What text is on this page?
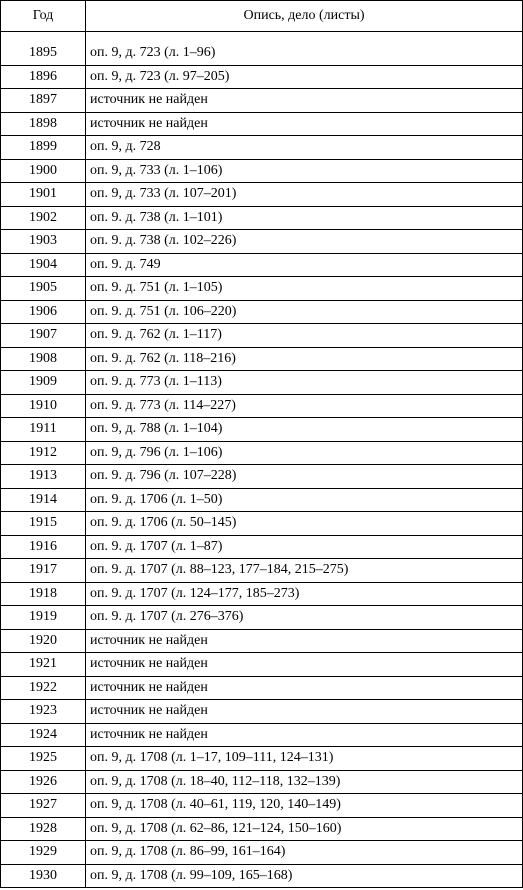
Год	Опись, дело (листы)

1895	оп. 9, д. 723 (л. 1–96)
1896	оп. 9, д. 723 (л. 97–205)
1897	источник не найден
1898	источник не найден
1899	оп. 9, д. 728
1900	оп. 9, д. 733 (л. 1–106)
1901	оп. 9, д. 733 (л. 107–201)
1902	оп. 9. д. 738 (л. 1–101)
1903	оп. 9. д. 738 (л. 102–226)
1904	оп. 9. д. 749
1905	оп. 9. д. 751 (л. 1–105)
1906	оп. 9. д. 751 (л. 106–220)
1907	оп. 9. д. 762 (л. 1–117)
1908	оп. 9. д. 762 (л. 118–216)
1909	оп. 9. д. 773 (л. 1–113)
1910	оп. 9. д. 773 (л. 114–227)
1911	оп. 9, д. 788 (л. 1–104)
1912	оп. 9, д. 796 (л. 1–106)
1913	оп. 9. д. 796 (л. 107–228)
1914	оп. 9. д. 1706 (л. 1–50)
1915	оп. 9. д. 1706 (л. 50–145)
1916	оп. 9. д. 1707 (л. 1–87)
1917	оп. 9. д. 1707 (л. 88–123, 177–184, 215–275)
1918	оп. 9. д. 1707 (л. 124–177, 185–273)
1919	оп. 9. д. 1707 (л. 276–376)
1920	источник не найден
1921	источник не найден
1922	источник не найден
1923	источник не найден
1924	источник не найден
1925	оп. 9, д. 1708 (л. 1–17, 109–111, 124–131)
1926	оп. 9, д. 1708 (л. 18–40, 112–118, 132–139)
1927	оп. 9, д. 1708 (л. 40–61, 119, 120, 140–149)
1928	оп. 9, д. 1708 (л. 62–86, 121–124, 150–160)
1929	оп. 9, д. 1708 (л. 86–99, 161–164)
1930	оп. 9, д. 1708 (л. 99–109, 165–168)
